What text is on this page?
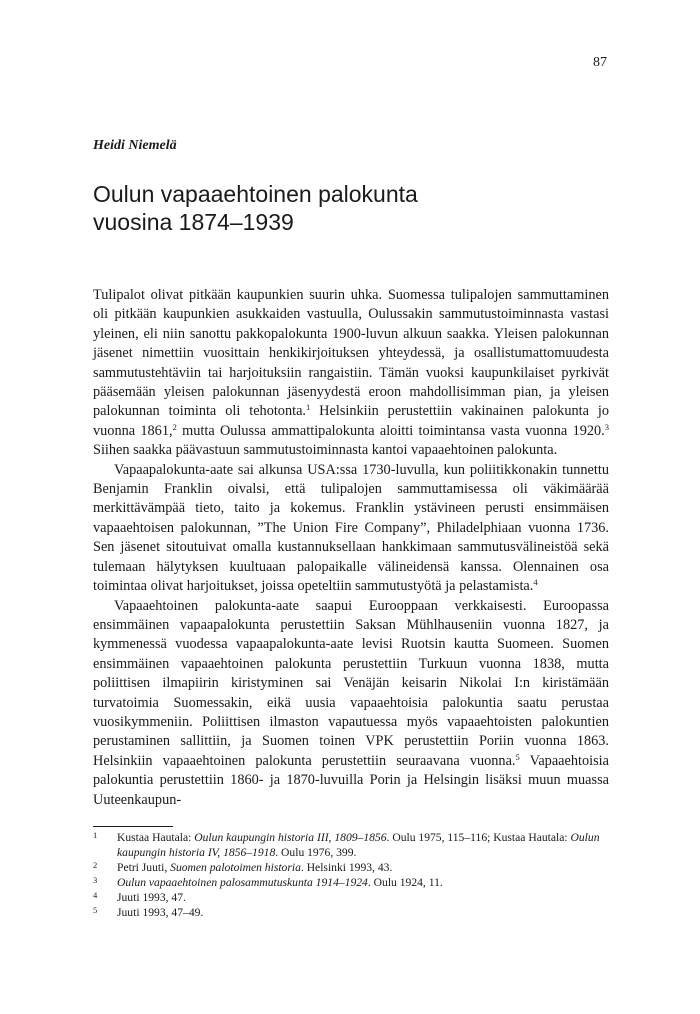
87
Heidi Niemelä
Oulun vapaaehtoinen palokunta
vuosina 1874–1939

Tulipalot olivat pitkään kaupunkien suurin uhka. Suomessa tulipalojen sammuttaminen oli pitkään kaupunkien asukkaiden vastuulla, Oulussakin sammutustoiminnasta vastasi yleinen, eli niin sanottu pakkopalokunta 1900-luvun alkuun saakka. Yleisen palokunnan jäsenet nimettiin vuosittain henkikirjoituksen yhteydessä, ja osallistumattomuudesta sammutustehtäviin tai harjoituksiin rangaistiin. Tämän vuoksi kaupunkilaiset pyrkivät pääsemään yleisen palokunnan jäsenyydestä eroon mahdollisimman pian, ja yleisen palokunnan toiminta oli tehotonta.$^1$ Helsinkiin perustettiin vakinainen palokunta jo vuonna 1861,$^2$ mutta Oulussa ammattipalokunta aloitti toimintansa vasta vuonna 1920.$^3$ Siihen saakka päävastuun sammutustoiminnasta kantoi vapaaehtoinen palokunta.

Vapaapalokunta-aate sai alkunsa USA:ssa 1730-luvulla, kun poliitikkonakin tunnettu Benjamin Franklin oivalsi, että tulipalojen sammuttamisessa oli väkimäärää merkittävämpää tieto, taito ja kokemus. Franklin ystävineen perusti ensimmäisen vapaaehtoisen palokunnan, ”The Union Fire Company”, Philadelphiaan vuonna 1736. Sen jäsenet sitoutuivat omalla kustannuksellaan hankkimaan sammutusvälineistöä sekä tulemaan hälytyksen kuultuaan palopaikalle välineidensä kanssa. Olennainen osa toimintaa olivat harjoitukset, joissa opeteltiin sammutustyötä ja pelastamista.$^4$

Vapaaehtoinen palokunta-aate saapui Eurooppaan verkkaisesti. Euroopassa ensimmäinen vapaapalokunta perustettiin Saksan Mühlhauseniin vuonna 1827, ja kymmenessä vuodessa vapaapalokunta-aate levisi Ruotsin kautta Suomeen. Suomen ensimmäinen vapaaehtoinen palokunta perustettiin Turkuun vuonna 1838, mutta poliittisen ilmapiirin kiristyminen sai Venäjän keisarin Nikolai I:n kiristämään turvatoimia Suomessakin, eikä uusia vapaaehtoisia palokuntia saatu perustaa vuosikymmeniin. Poliittisen ilmaston vapautuessa myös vapaaehtoisten palokuntien perustaminen sallittiin, ja Suomen toinen VPK perustettiin Poriin vuonna 1863. Helsinkiin vapaaehtoinen palokunta perustettiin seuraavana vuonna.$^5$ Vapaaehtoisia palokuntia perustettiin 1860- ja 1870-luvuilla Porin ja Helsingin lisäksi muun muassa Uuteenkaupun-

1 Kustaa Hautala: Oulun kaupungin historia III, 1809–1856. Oulu 1975, 115–116; Kustaa Hautala: Oulun kaupungin historia IV, 1856–1918. Oulu 1976, 399.
2 Petri Juuti, Suomen palotoimen historia. Helsinki 1993, 43.
3 Oulun vapaaehtoinen palosammutuskunta 1914–1924. Oulu 1924, 11.
4 Juuti 1993, 47.
5 Juuti 1993, 47–49.
